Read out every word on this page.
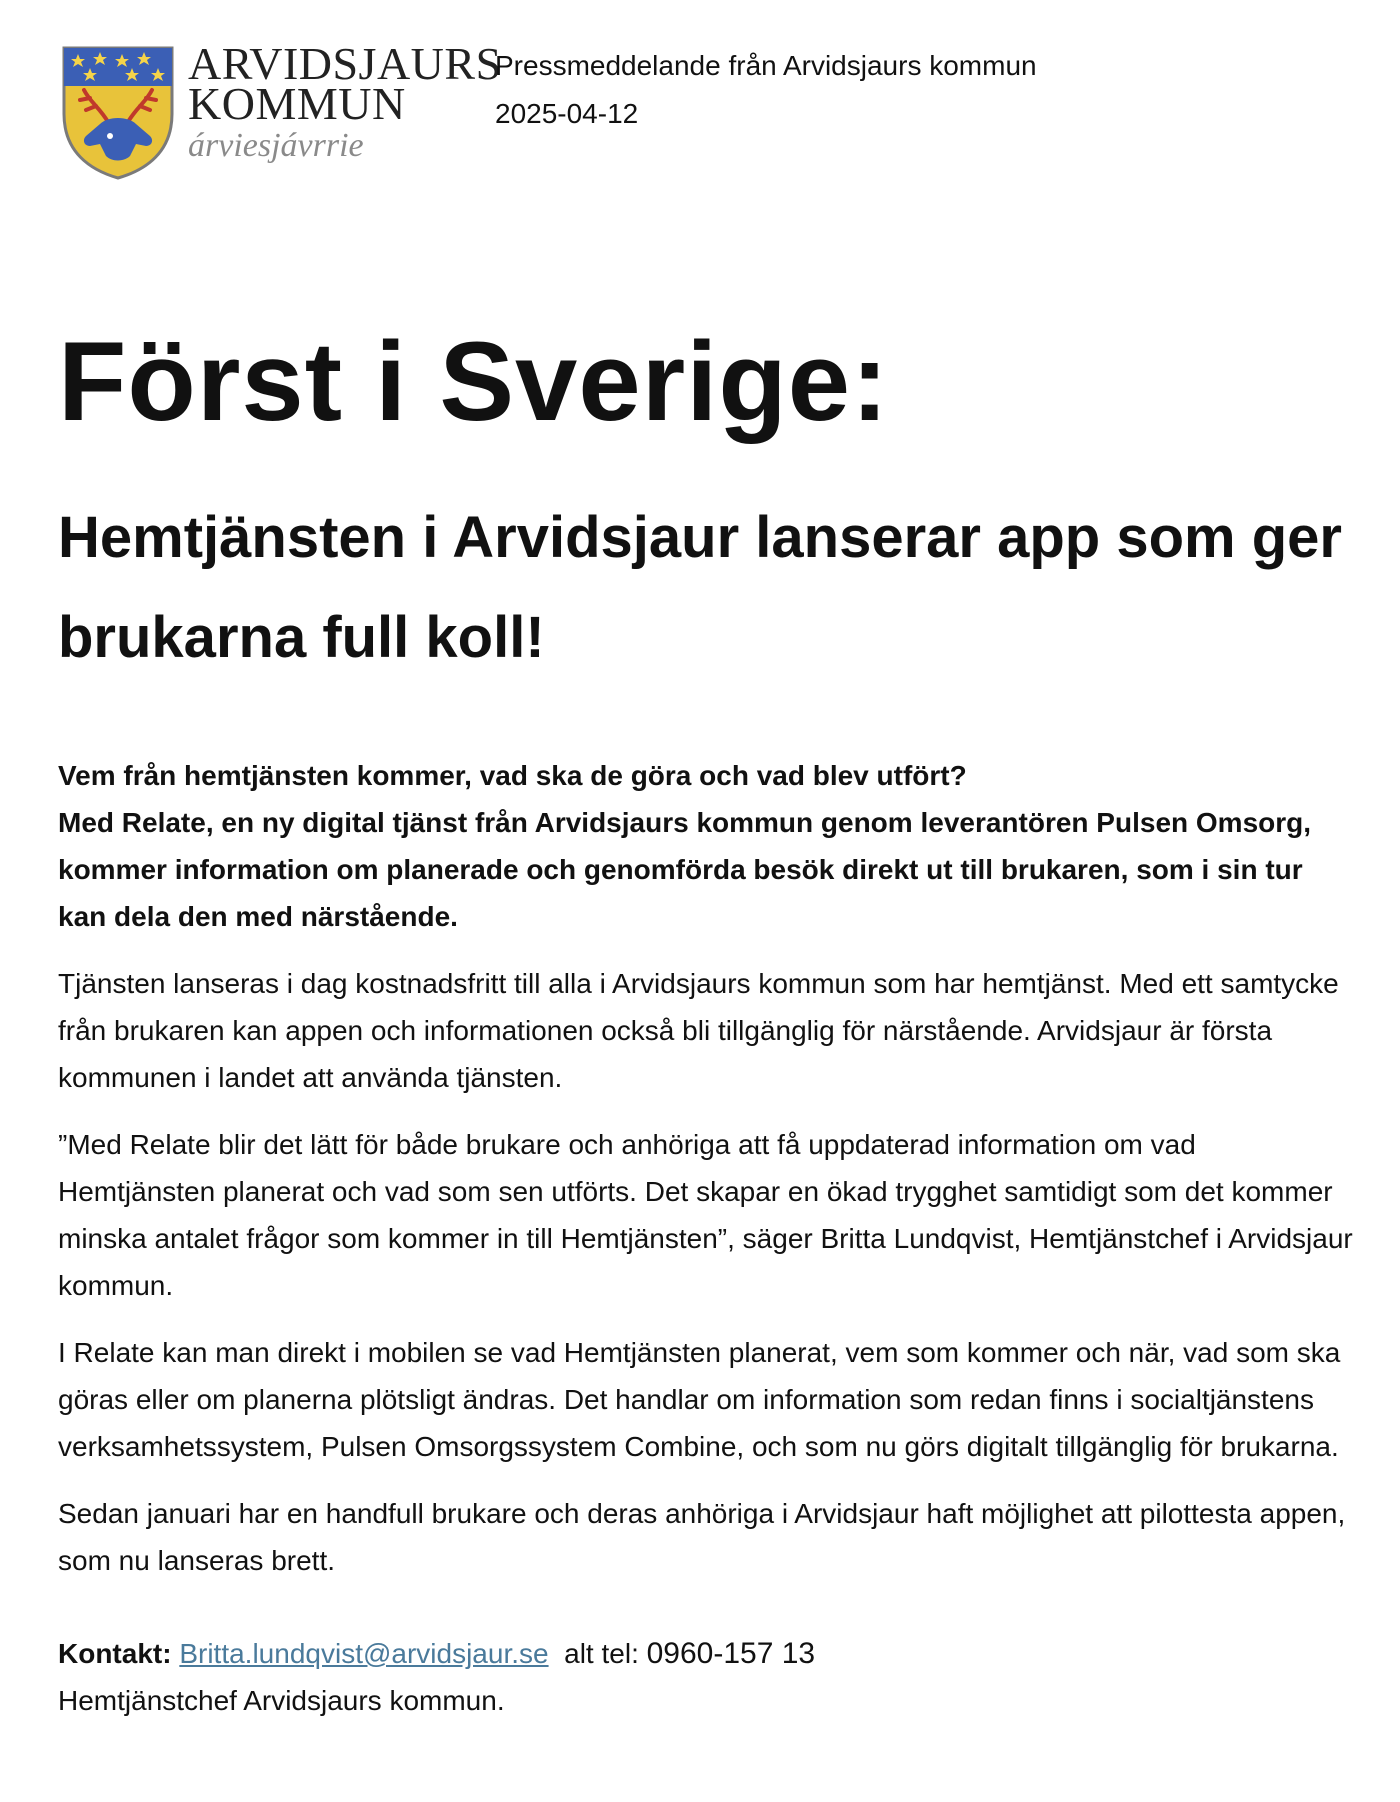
ARVIDSJAURS
KOMMUN
árviesjávrrie
Pressmeddelande från Arvidsjaurs kommun
2025-04-12
Först i Sverige:
Hemtjänsten i Arvidsjaur lanserar app som ger brukarna full koll!
Vem från hemtjänsten kommer, vad ska de göra och vad blev utfört?
Med Relate, en ny digital tjänst från Arvidsjaurs kommun genom leverantören Pulsen Omsorg, kommer information om planerade och genomförda besök direkt ut till brukaren, som i sin tur kan dela den med närstående.

Tjänsten lanseras i dag kostnadsfritt till alla i Arvidsjaurs kommun som har hemtjänst. Med ett samtycke från brukaren kan appen och informationen också bli tillgänglig för närstående. Arvidsjaur är första kommunen i landet att använda tjänsten.

”Med Relate blir det lätt för både brukare och anhöriga att få uppdaterad information om vad Hemtjänsten planerat och vad som sen utförts. Det skapar en ökad trygghet samtidigt som det kommer minska antalet frågor som kommer in till Hemtjänsten”, säger Britta Lundqvist, Hemtjänstchef i Arvidsjaur kommun.

I Relate kan man direkt i mobilen se vad Hemtjänsten planerat, vem som kommer och när, vad som ska göras eller om planerna plötsligt ändras. Det handlar om information som redan finns i socialtjänstens verksamhetssystem, Pulsen Omsorgssystem Combine, och som nu görs digitalt tillgänglig för brukarna.

Sedan januari har en handfull brukare och deras anhöriga i Arvidsjaur haft möjlighet att pilottesta appen, som nu lanseras brett.

Kontakt: Britta.lundqvist@arvidsjaur.se alt tel: 0960-157 13
Hemtjänstchef Arvidsjaurs kommun.
